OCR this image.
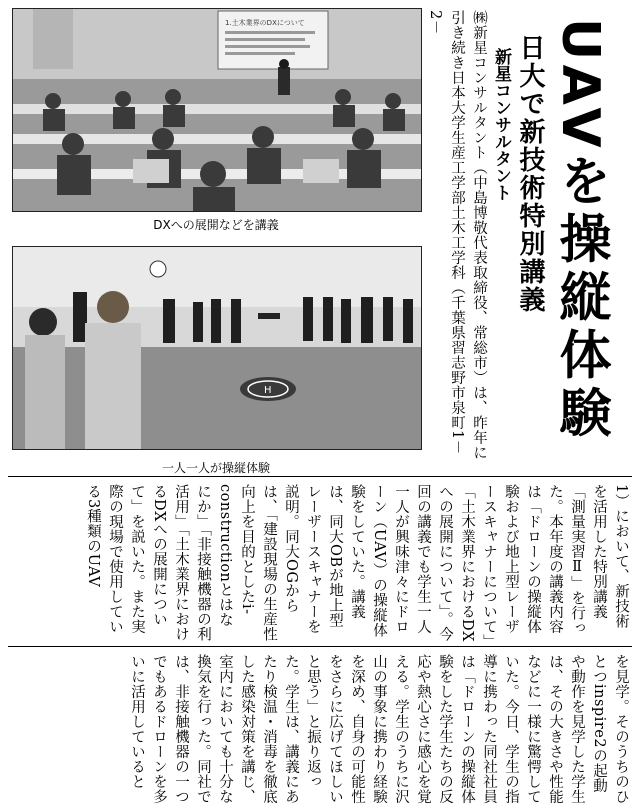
1.土木業界のDXについて
DXへの展開などを講義
H
一人一人が操縦体験
UAVを操縦体験
日大で新技術特別講義
新星コンサルタント
㈱新星コンサルタント（中島博敬代表取締役、常総市）は、昨年に引き続き日本大学生産工学部土木工学科（千葉県習志野市泉町1－2－
1）において、新技術を活用した特別講義「測量実習Ⅱ」を行った。本年度の講義内容は「ドローンの操縦体験および地上型レーザースキャナーについて」「土木業界におけるDXへの展開について」。今回の講義でも学生一人一人が興味津々にドローン（UAV）の操縦体験をしていた。講義は、同大OBが地上型レーザースキャナーを説明。同大OGからは、「建設現場の生産性向上を目的としたi‐constructionとはなにか」「非接触機器の利活用」「土木業界におけるDXへの展開について」を説いた。また実際の現場で使用している3種類のUAV
を見学。そのうちのひとつinspire2の起動や動作を見学した学生は、その大きさや性能などに一様に驚愕していた。今日、学生の指導に携わった同社社員は「ドローンの操縦体験をした学生たちの反応や熱心さに感心を覚える。学生のうちに沢山の事象に携わり経験を深め、自身の可能性をさらに広げてほしいと思う」と振り返った。学生は、講義にあたり検温・消毒を徹底した感染対策を講じ、室内においても十分な換気を行った。同社では、非接触機器の一つでもあるドローンを多いに活用していると
